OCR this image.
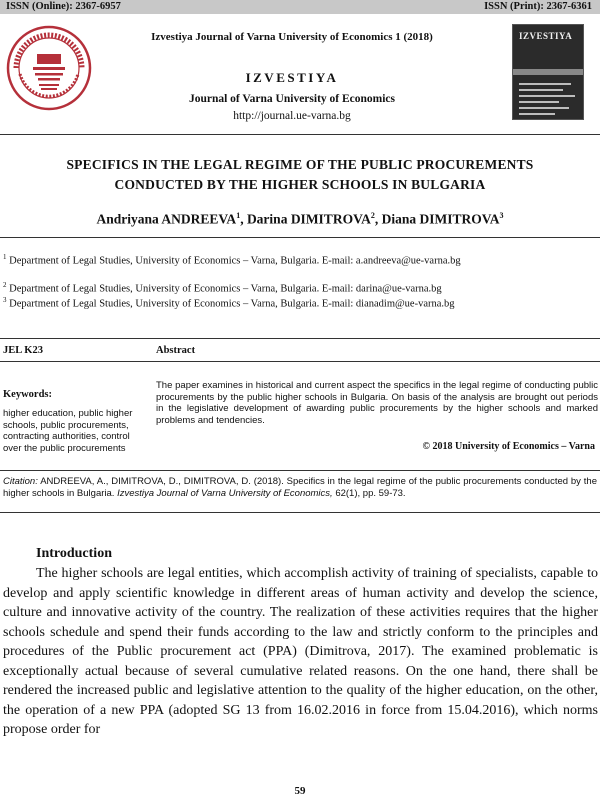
ISSN (Online): 2367-6957	ISSN (Print): 2367-6361
IZVESTIYA
Izvestiya Journal of Varna University of Economics 1 (2018)
IZVESTIYA
Journal of Varna University of Economics
http://journal.ue-varna.bg
SPECIFICS IN THE LEGAL REGIME OF THE PUBLIC PROCUREMENTS
CONDUCTED BY THE HIGHER SCHOOLS IN BULGARIA
Andriyana ANDREEVA$^1$, Darina DIMITROVA$^2$, Diana DIMITROVA$^3$
$^1$ Department of Legal Studies, University of Economics – Varna, Bulgaria. E-mail: a.andreeva@ue-varna.bg
$^2$ Department of Legal Studies, University of Economics – Varna, Bulgaria. E-mail: darina@ue-varna.bg
$^3$ Department of Legal Studies, University of Economics – Varna, Bulgaria. E-mail: dianadim@ue-varna.bg
JEL K23	Abstract
Keywords:
higher education, public higher schools, public procurements, contracting authorities, control over the public procurements
The paper examines in historical and current aspect the specifics in the legal regime of conducting public procurements by the public higher schools in Bulgaria. On basis of the analysis are brought out periods in the legislative development of awarding public procurements by the higher schools and marked problems and tendencies.
© 2018 University of Economics – Varna
Citation: ANDREEVA, A., DIMITROVA, D., DIMITROVA, D. (2018). Specifics in the legal regime of the public procurements conducted by the higher schools in Bulgaria. Izvestiya Journal of Varna University of Economics, 62(1), pp. 59-73.
Introduction
The higher schools are legal entities, which accomplish activity of training of specialists, capable to develop and apply scientific knowledge in different areas of human activity and develop the science, culture and innovative activity of the country. The realization of these activities requires that the higher schools schedule and spend their funds according to the law and strictly conform to the principles and procedures of the Public procurement act (PPA) (Dimitrova, 2017). The examined problematic is exceptionally actual because of several cumulative related reasons. On the one hand, there shall be rendered the increased public and legislative attention to the quality of the higher education, on the other, the operation of a new PPA (adopted SG 13 from 16.02.2016 in force from 15.04.2016), which norms propose order for
59
